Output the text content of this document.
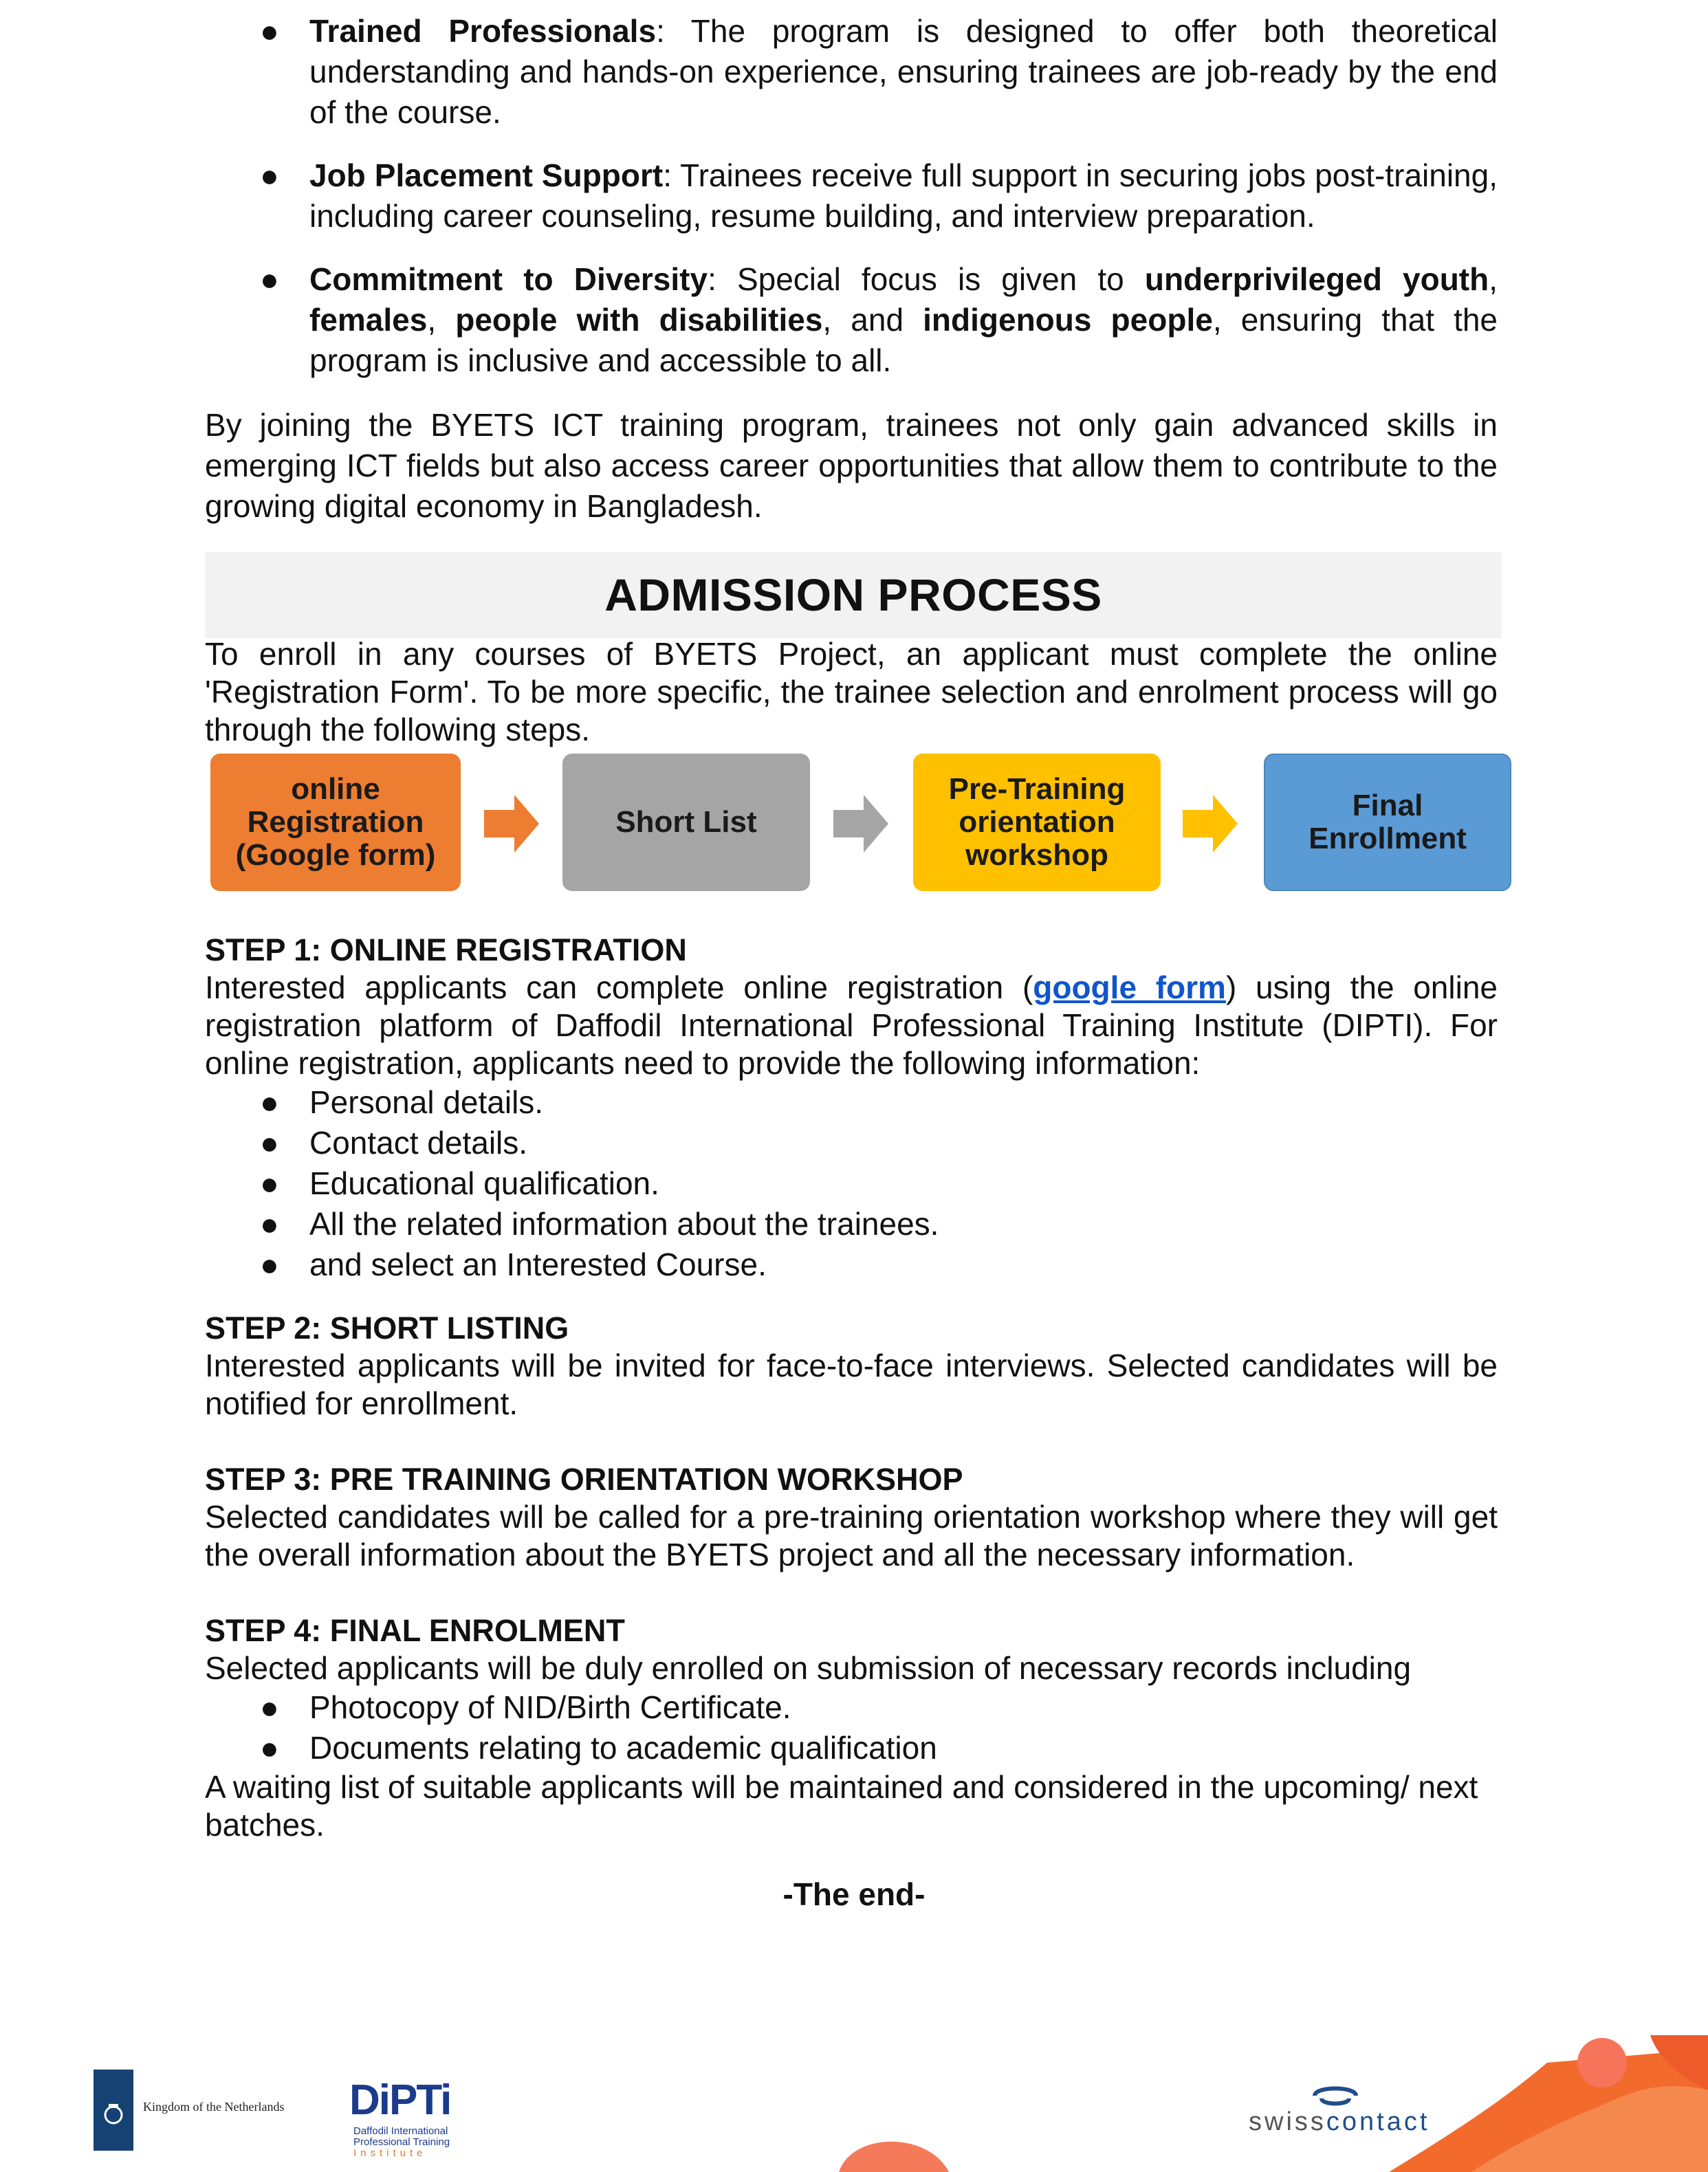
● Trained Professionals: The program is designed to offer both theoretical understanding and hands-on experience, ensuring trainees are job-ready by the end of the course.
● Job Placement Support: Trainees receive full support in securing jobs post-training, including career counseling, resume building, and interview preparation.
● Commitment to Diversity: Special focus is given to underprivileged youth, females, people with disabilities, and indigenous people, ensuring that the program is inclusive and accessible to all.

By joining the BYETS ICT training program, trainees not only gain advanced skills in emerging ICT fields but also access career opportunities that allow them to contribute to the growing digital economy in Bangladesh.

ADMISSION PROCESS

To enroll in any courses of BYETS Project, an applicant must complete the online 'Registration Form'. To be more specific, the trainee selection and enrolment process will go through the following steps.

online
Registration
(Google form)
Short List
Pre-Training
orientation
workshop
Final
Enrollment
STEP 1: ONLINE REGISTRATION

Interested applicants can complete online registration (google form) using the online registration platform of Daffodil International Professional Training Institute (DIPTI). For online registration, applicants need to provide the following information:

● Personal details.
● Contact details.
● Educational qualification.
● All the related information about the trainees.
● and select an Interested Course.
STEP 2: SHORT LISTING

Interested applicants will be invited for face-to-face interviews. Selected candidates will be notified for enrollment.

STEP 3: PRE TRAINING ORIENTATION WORKSHOP

Selected candidates will be called for a pre-training orientation workshop where they will get the overall information about the BYETS project and all the necessary information.

STEP 4: FINAL ENROLMENT

Selected applicants will be duly enrolled on submission of necessary records including

● Photocopy of NID/Birth Certificate.
● Documents relating to academic qualification

A waiting list of suitable applicants will be maintained and considered in the upcoming/ next batches.

-The end-
Kingdom of the Netherlands DiPTi
Daffodil International
Professional Training
Institute
swisscontact
